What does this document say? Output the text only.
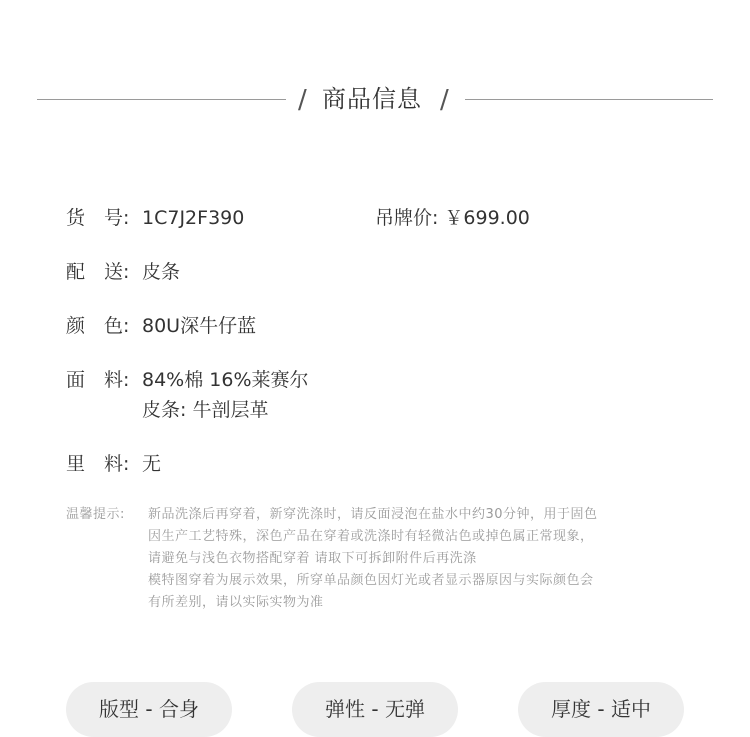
/ 商品信息 /
货 号: 1C7J2F390	吊牌价: ￥699.00
配 送: 皮条
颜 色: 80U深牛仔蓝
面 料: 84%棉 16%莱赛尔
皮条: 牛剖层革
里 料: 无
温馨提示: 新品洗涤后再穿着，新穿洗涤时，请反面浸泡在盐水中约30分钟，用于固色
因生产工艺特殊，深色产品在穿着或洗涤时有轻微沾色或掉色属正常现象，
请避免与浅色衣物搭配穿着 请取下可拆卸附件后再洗涤
模特图穿着为展示效果，所穿单品颜色因灯光或者显示器原因与实际颜色会
有所差别，请以实际实物为准
版型 - 合身	弹性 - 无弹	厚度 - 适中
